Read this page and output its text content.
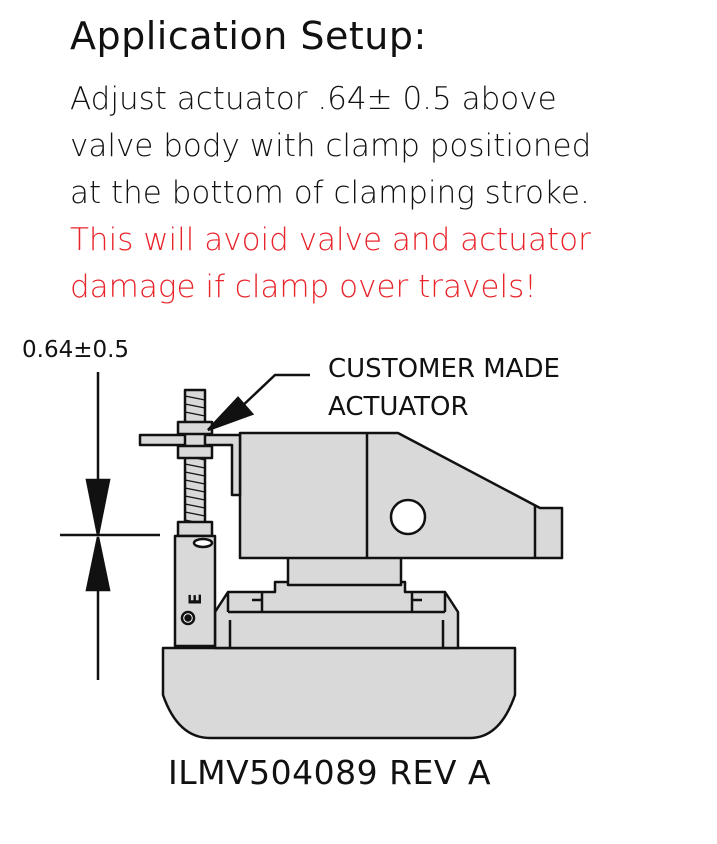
Application Setup:
Adjust actuator .64± 0.5 above
valve body with clamp positioned
at the bottom of clamping stroke.
This will avoid valve and actuator
damage if clamp over travels!
0.64±0.5
CUSTOMER MADE
ACTUATOR
E
ILMV504089 REV A
